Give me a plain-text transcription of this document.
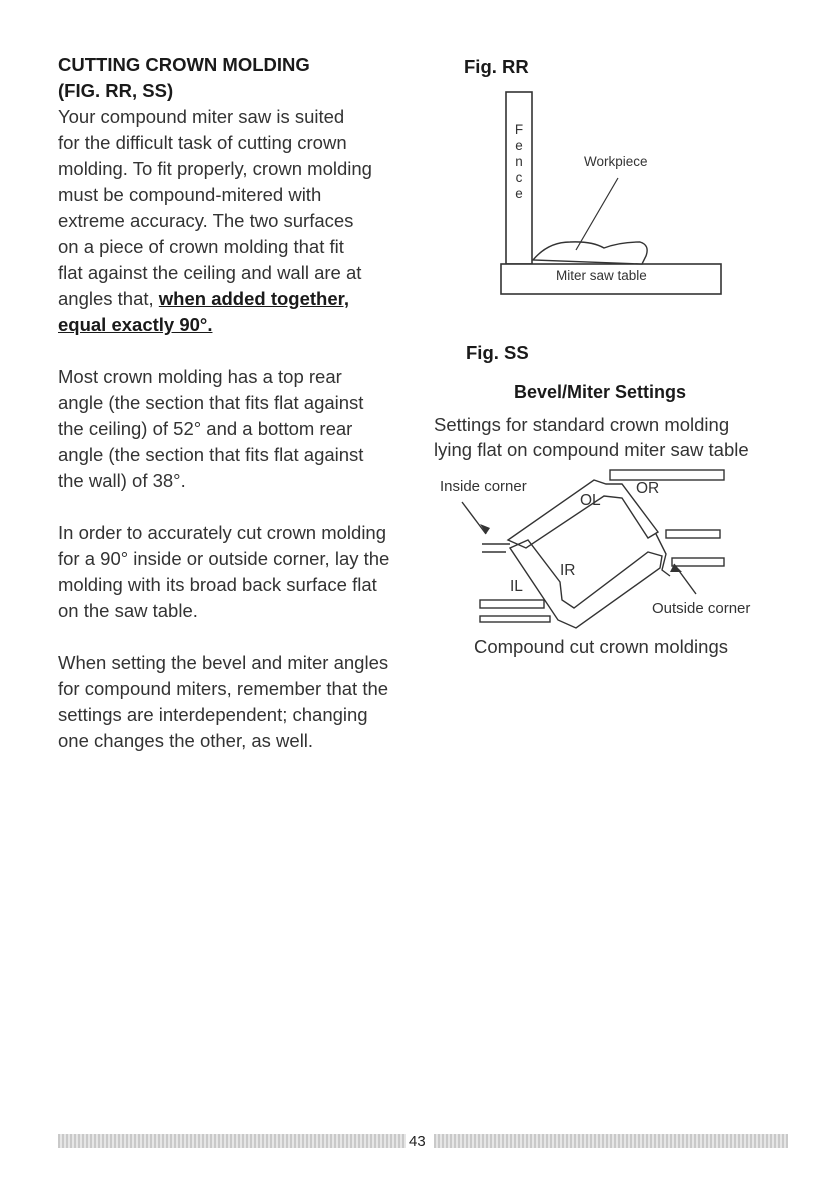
CUTTING CROWN MOLDING

(FIG. RR, SS)

Your compound miter saw is suited

for the difficult task of cutting crown

molding. To fit properly, crown molding

must be compound-mitered with

extreme accuracy. The two surfaces

on a piece of crown molding that fit

flat against the ceiling and wall are at

angles that, when added together,

equal exactly 90°.

Most crown molding has a top rear

angle (the section that fits flat against

the ceiling) of 52° and a bottom rear

angle (the section that fits flat against

the wall) of 38°.

In order to accurately cut crown molding

for a 90° inside or outside corner, lay the

molding with its broad back surface flat

on the saw table.

When setting the bevel and miter angles

for compound miters, remember that the

settings are interdependent; changing

one changes the other, as well.

Fig. RR
F
e
n
c
e
Workpiece
Miter saw table
Fig. SS
Bevel/Miter Settings
Settings for standard crown molding
lying flat on compound miter saw table
Inside corner
OL
OR
IR
IL
Outside corner
Compound cut crown moldings
43
